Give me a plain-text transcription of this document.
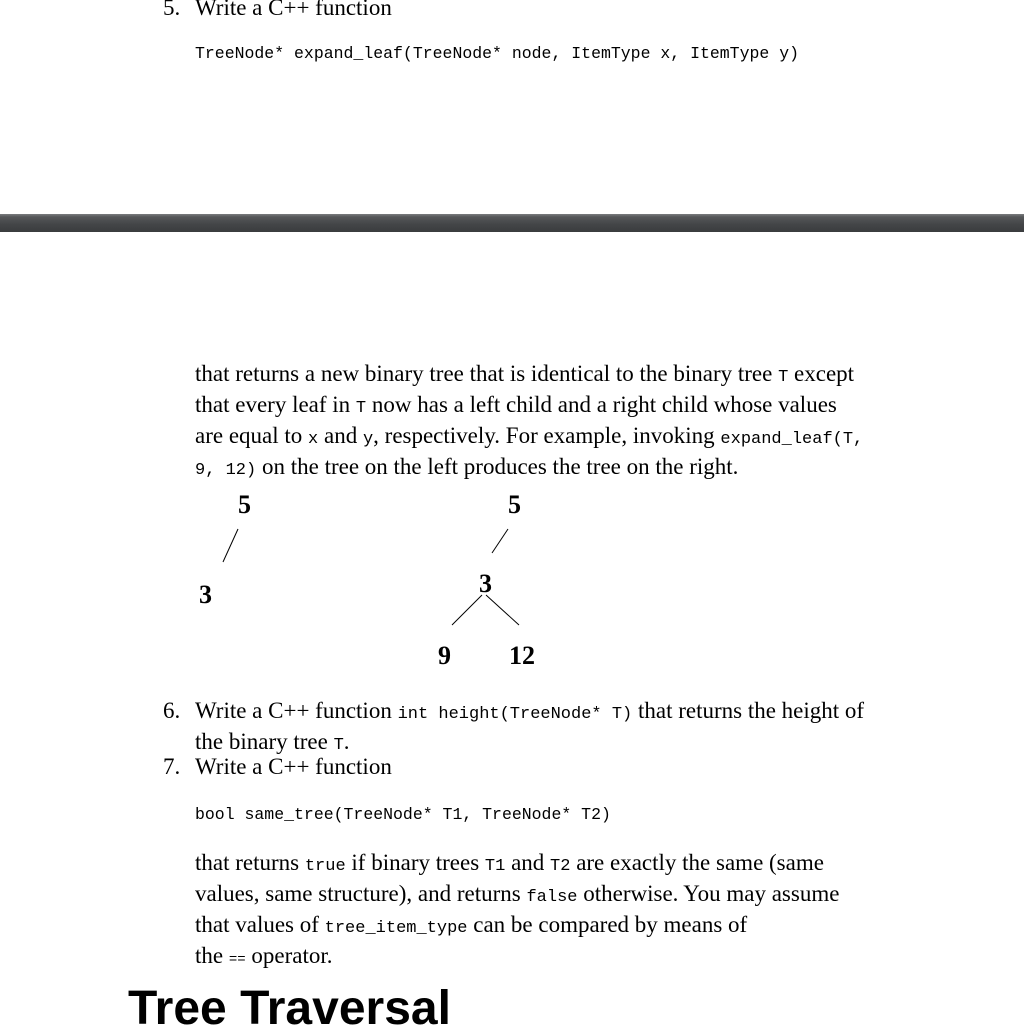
5. Write a C++ function
TreeNode* expand_leaf(TreeNode* node, ItemType x, ItemType y)
that returns a new binary tree that is identical to the binary tree T except
that every leaf in T now has a left child and a right child whose values
are equal to x and y, respectively. For example, invoking expand_leaf(T,
9, 12) on the tree on the left produces the tree on the right.
5
3
5
3
9 12
6. Write a C++ function int height(TreeNode* T) that returns the height of
the binary tree T.
7. Write a C++ function
bool same_tree(TreeNode* T1, TreeNode* T2)
that returns true if binary trees T1 and T2 are exactly the same (same
values, same structure), and returns false otherwise. You may assume
that values of tree_item_type can be compared by means of
the == operator.
Tree Traversal
